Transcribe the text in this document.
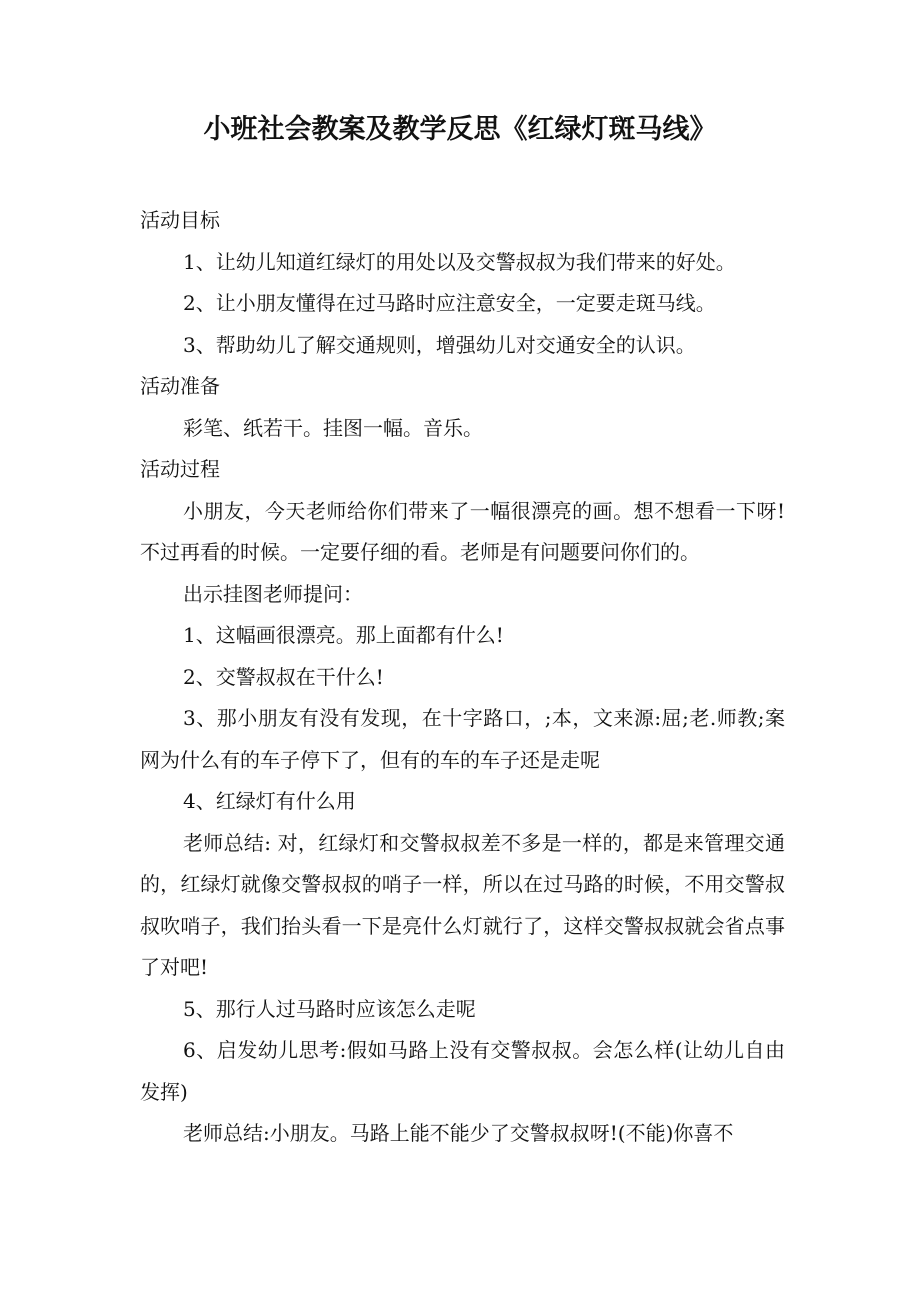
小班社会教案及教学反思《红绿灯斑马线》

活动目标

1、让幼儿知道红绿灯的用处以及交警叔叔为我们带来的好处。

2、让小朋友懂得在过马路时应注意安全，一定要走斑马线。

3、帮助幼儿了解交通规则，增强幼儿对交通安全的认识。

活动准备

彩笔、纸若干。挂图一幅。音乐。

活动过程

小朋友，今天老师给你们带来了一幅很漂亮的画。想不想看一下呀!不过再看的时候。一定要仔细的看。老师是有问题要问你们的。

出示挂图老师提问：

1、这幅画很漂亮。那上面都有什么!

2、交警叔叔在干什么!

3、那小朋友有没有发现，在十字路口，;本，文来源:屈;老.师教;案网为什么有的车子停下了，但有的车的车子还是走呢

4、红绿灯有什么用

老师总结: 对，红绿灯和交警叔叔差不多是一样的，都是来管理交通的，红绿灯就像交警叔叔的哨子一样，所以在过马路的时候，不用交警叔叔吹哨子，我们抬头看一下是亮什么灯就行了，这样交警叔叔就会省点事了对吧!

5、那行人过马路时应该怎么走呢

6、启发幼儿思考:假如马路上没有交警叔叔。会怎么样(让幼儿自由发挥)

老师总结:小朋友。马路上能不能少了交警叔叔呀!(不能)你喜不
